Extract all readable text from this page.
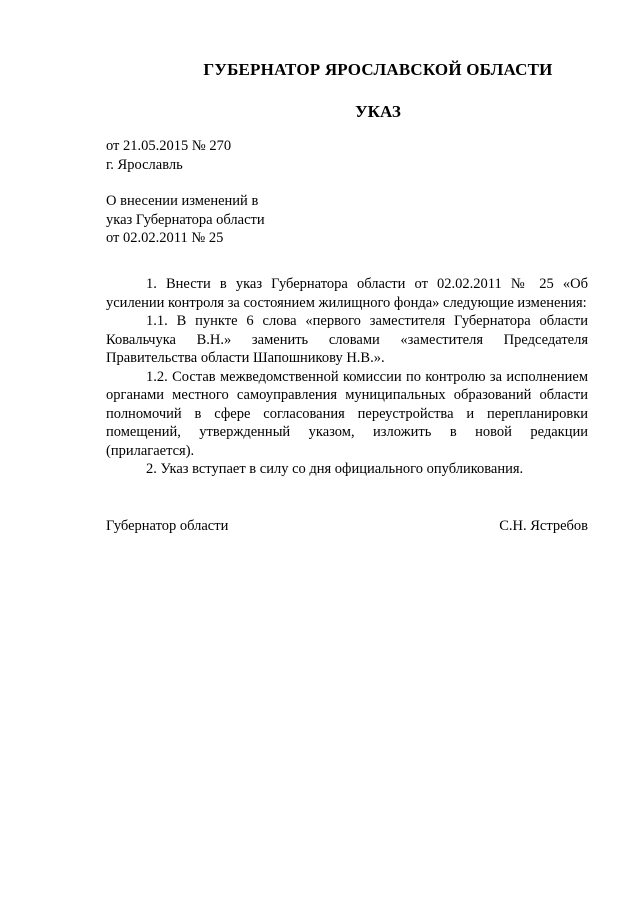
ГУБЕРНАТОР ЯРОСЛАВСКОЙ ОБЛАСТИ
УКАЗ
от 21.05.2015 № 270
г. Ярославль
О внесении изменений в
указ Губернатора области
от 02.02.2011 № 25

1. Внести в указ Губернатора области от 02.02.2011 № 25 «Об усилении контроля за состоянием жилищного фонда» следующие изменения:

1.1. В пункте 6 слова «первого заместителя Губернатора области Ковальчука В.Н.» заменить словами «заместителя Председателя Правительства области Шапошникову Н.В.».

1.2. Состав межведомственной комиссии по контролю за исполнением органами местного самоуправления муниципальных образований области полномочий в сфере согласования переустройства и перепланировки помещений, утвержденный указом, изложить в новой редакции (прилагается).

2. Указ вступает в силу со дня официального опубликования.

Губернатор области	С.Н. Ястребов
